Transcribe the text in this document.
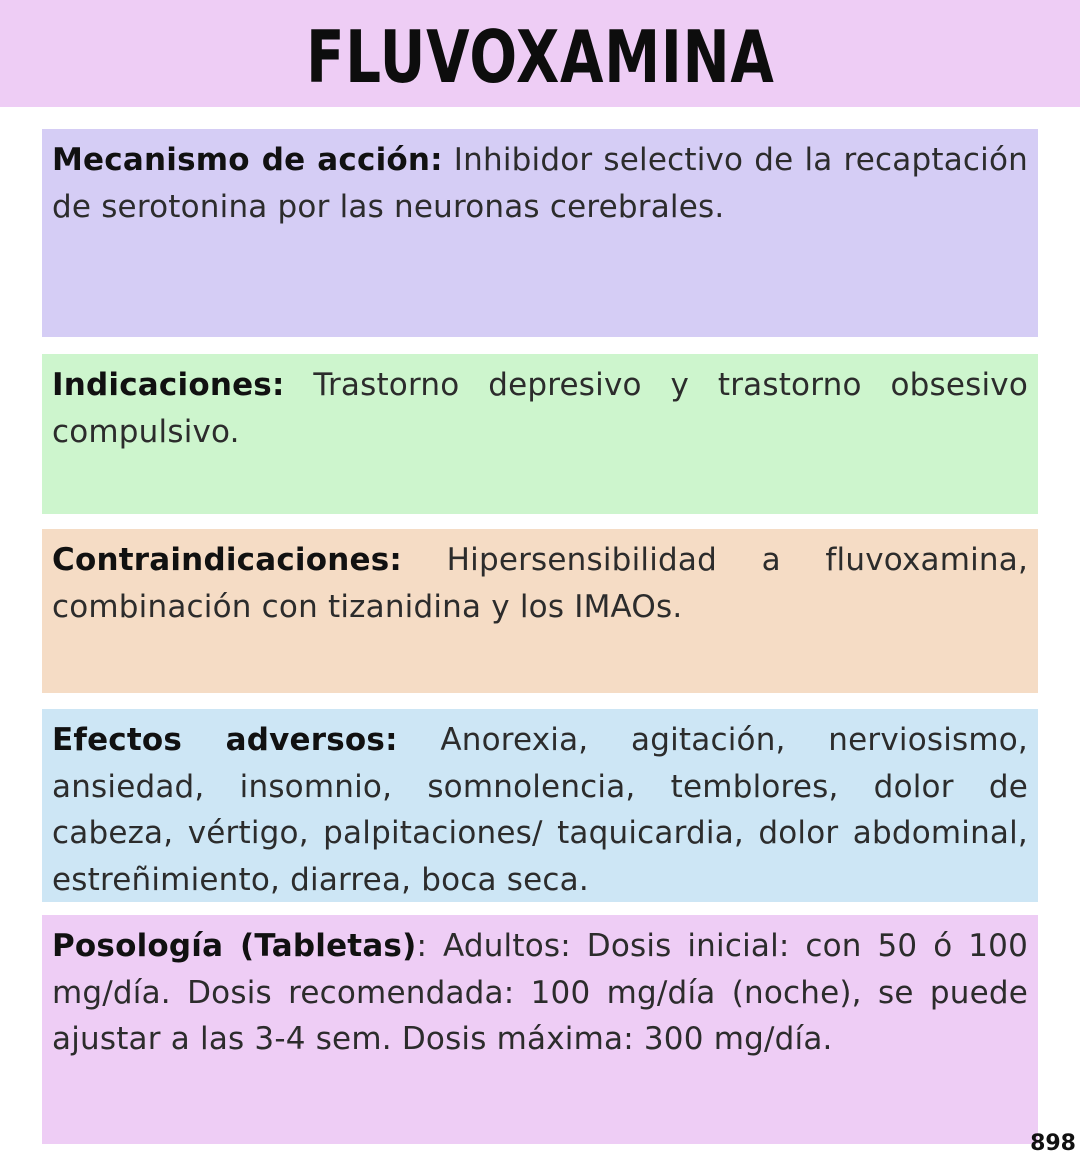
FLUVOXAMINA

Mecanismo de acción: Inhibidor selectivo de la recaptación de serotonina por las neuronas cerebrales.

Indicaciones: Trastorno depresivo y trastorno obsesivo compulsivo.

Contraindicaciones: Hipersensibilidad a fluvoxamina, combinación con tizanidina y los IMAOs.

Efectos adversos: Anorexia, agitación, nerviosismo, ansiedad, insomnio, somnolencia, temblores, dolor de cabeza, vértigo, palpitaciones/ taquicardia, dolor abdominal, estreñimiento, diarrea, boca seca.

Posología (Tabletas): Adultos: Dosis inicial: con 50 ó 100 mg/día. Dosis recomendada: 100 mg/día (noche), se puede ajustar a las 3-4 sem. Dosis máxima: 300 mg/día.

898
